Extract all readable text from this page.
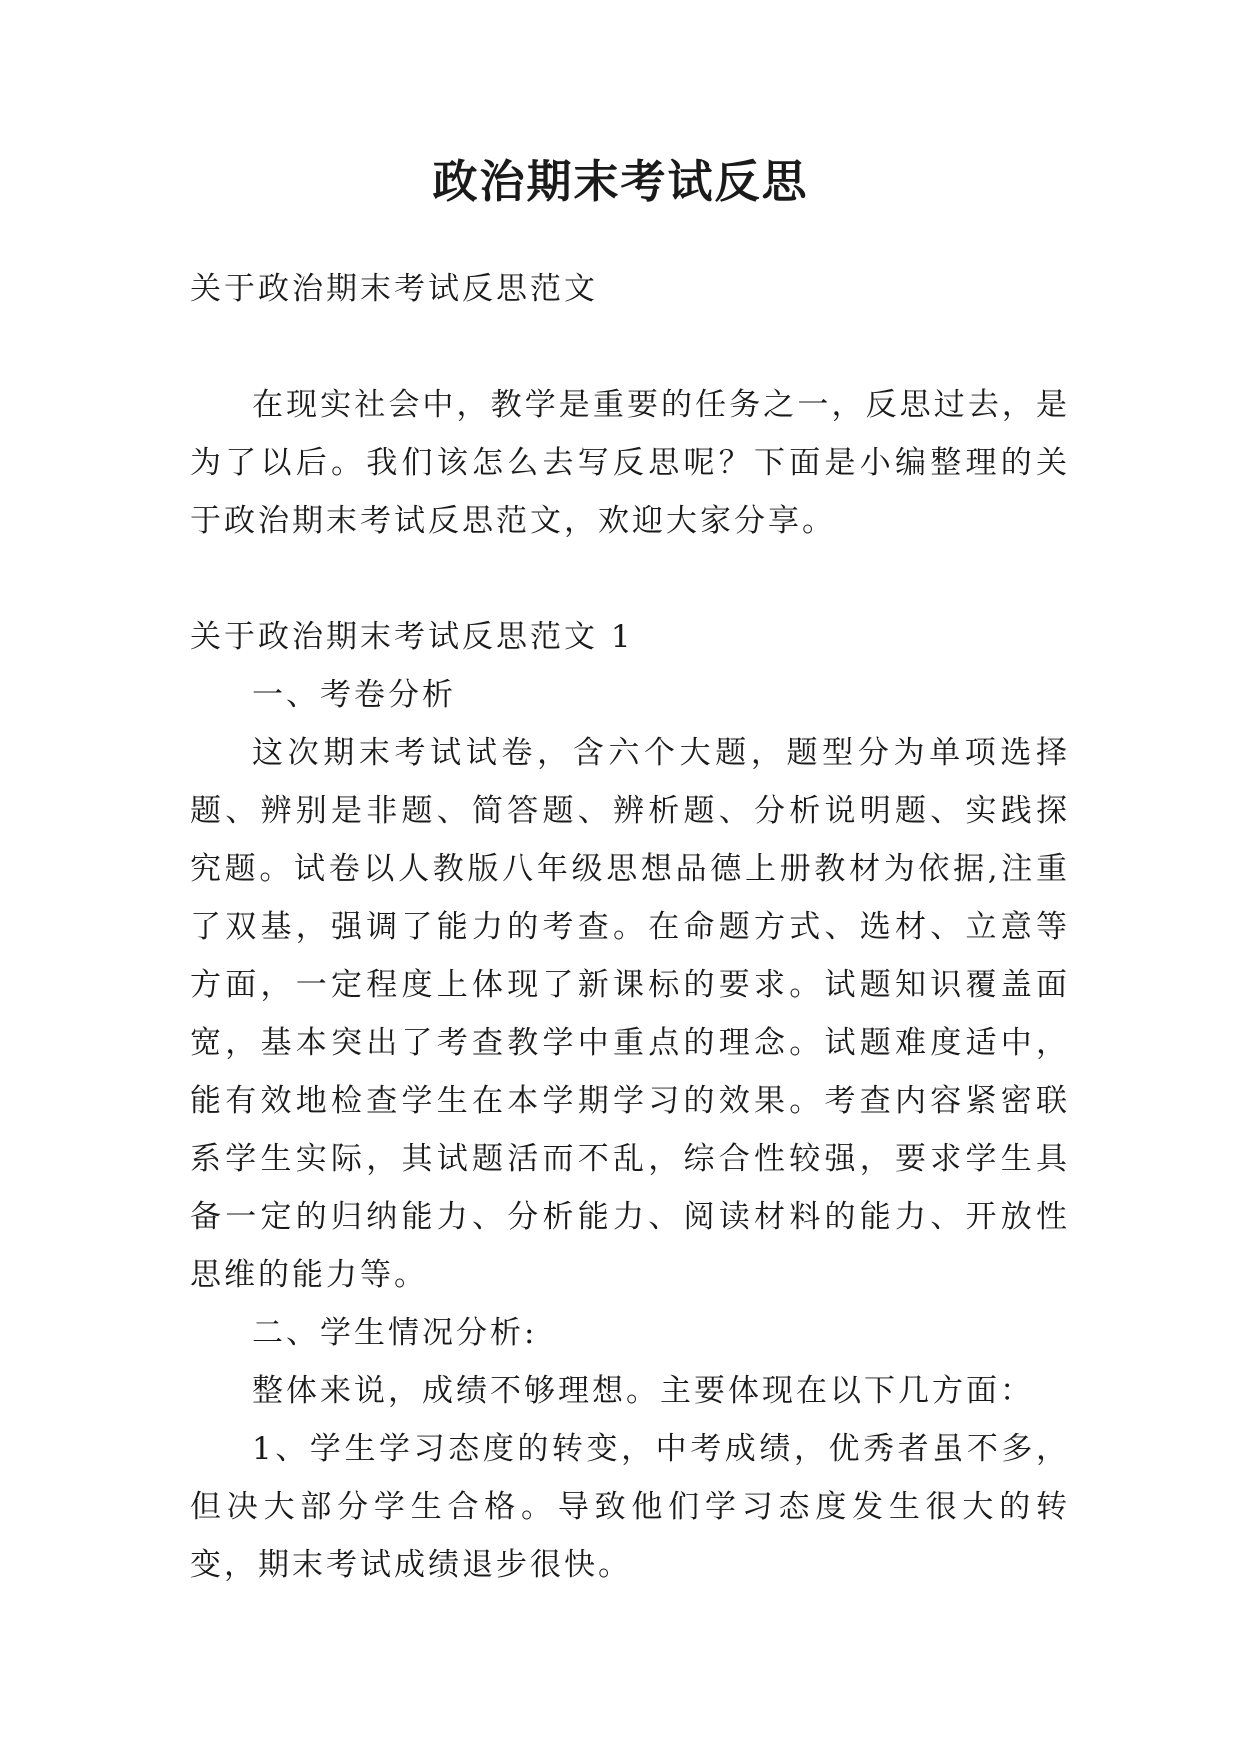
政治期末考试反思

关于政治期末考试反思范文

在现实社会中，教学是重要的任务之一，反思过去，是为了以后。我们该怎么去写反思呢？下面是小编整理的关于政治期末考试反思范文，欢迎大家分享。

关于政治期末考试反思范文 1

一、考卷分析

这次期末考试试卷，含六个大题，题型分为单项选择题、辨别是非题、简答题、辨析题、分析说明题、实践探究题。试卷以人教版八年级思想品德上册教材为依据,注重了双基，强调了能力的考查。在命题方式、选材、立意等方面，一定程度上体现了新课标的要求。试题知识覆盖面宽，基本突出了考查教学中重点的理念。试题难度适中，能有效地检查学生在本学期学习的效果。考查内容紧密联系学生实际，其试题活而不乱，综合性较强，要求学生具备一定的归纳能力、分析能力、阅读材料的能力、开放性思维的能力等。

二、学生情况分析:

整体来说，成绩不够理想。主要体现在以下几方面：

1、学生学习态度的转变，中考成绩，优秀者虽不多，但决大部分学生合格。导致他们学习态度发生很大的转变，期末考试成绩退步很快。
